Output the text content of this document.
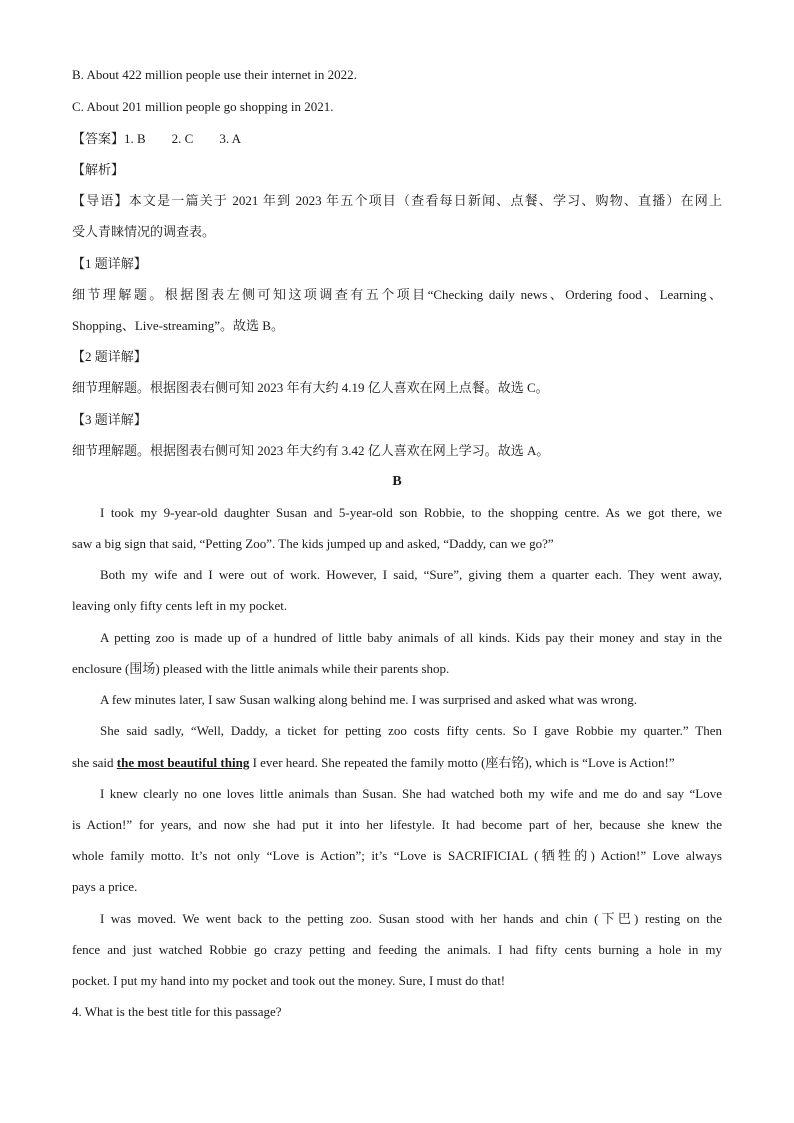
B. About 422 million people use their internet in 2022.
C. About 201 million people go shopping in 2021.
【答案】1. B        2. C        3. A
【解析】
【导语】本文是一篇关于 2021 年到 2023 年五个项目（查看每日新闻、点餐、学习、购物、直播）在网上
受人青睐情况的调查表。
【1 题详解】
细节理解题。根据图表左侧可知这项调查有五个项目“Checking daily news、Ordering food、Learning、
Shopping、Live-streaming”。故选 B。
【2 题详解】
细节理解题。根据图表右侧可知 2023 年有大约 4.19 亿人喜欢在网上点餐。故选 C。
【3 题详解】
细节理解题。根据图表右侧可知 2023 年大约有 3.42 亿人喜欢在网上学习。故选 A。
B
I took my 9-year-old daughter Susan and 5-year-old son Robbie, to the shopping centre. As we got there, we
saw a big sign that said, “Petting Zoo”. The kids jumped up and asked, “Daddy, can we go?”
Both my wife and I were out of work. However, I said, “Sure”, giving them a quarter each. They went away,
leaving only fifty cents left in my pocket.
A petting zoo is made up of a hundred of little baby animals of all kinds. Kids pay their money and stay in the
enclosure (围场) pleased with the little animals while their parents shop.
A few minutes later, I saw Susan walking along behind me. I was surprised and asked what was wrong.
She said sadly, “Well, Daddy, a ticket for petting zoo costs fifty cents. So I gave Robbie my quarter.” Then
she said the most beautiful thing I ever heard. She repeated the family motto (座右铭), which is “Love is Action!”
I knew clearly no one loves little animals than Susan. She had watched both my wife and me do and say “Love
is Action!” for years, and now she had put it into her lifestyle. It had become part of her, because she knew the
whole family motto. It’s not only “Love is Action”; it’s “Love is SACRIFICIAL (牺牲的) Action!” Love always
pays a price.
I was moved. We went back to the petting zoo. Susan stood with her hands and chin (下巴) resting on the
fence and just watched Robbie go crazy petting and feeding the animals. I had fifty cents burning a hole in my
pocket. I put my hand into my pocket and took out the money. Sure, I must do that!
4. What is the best title for this passage?
